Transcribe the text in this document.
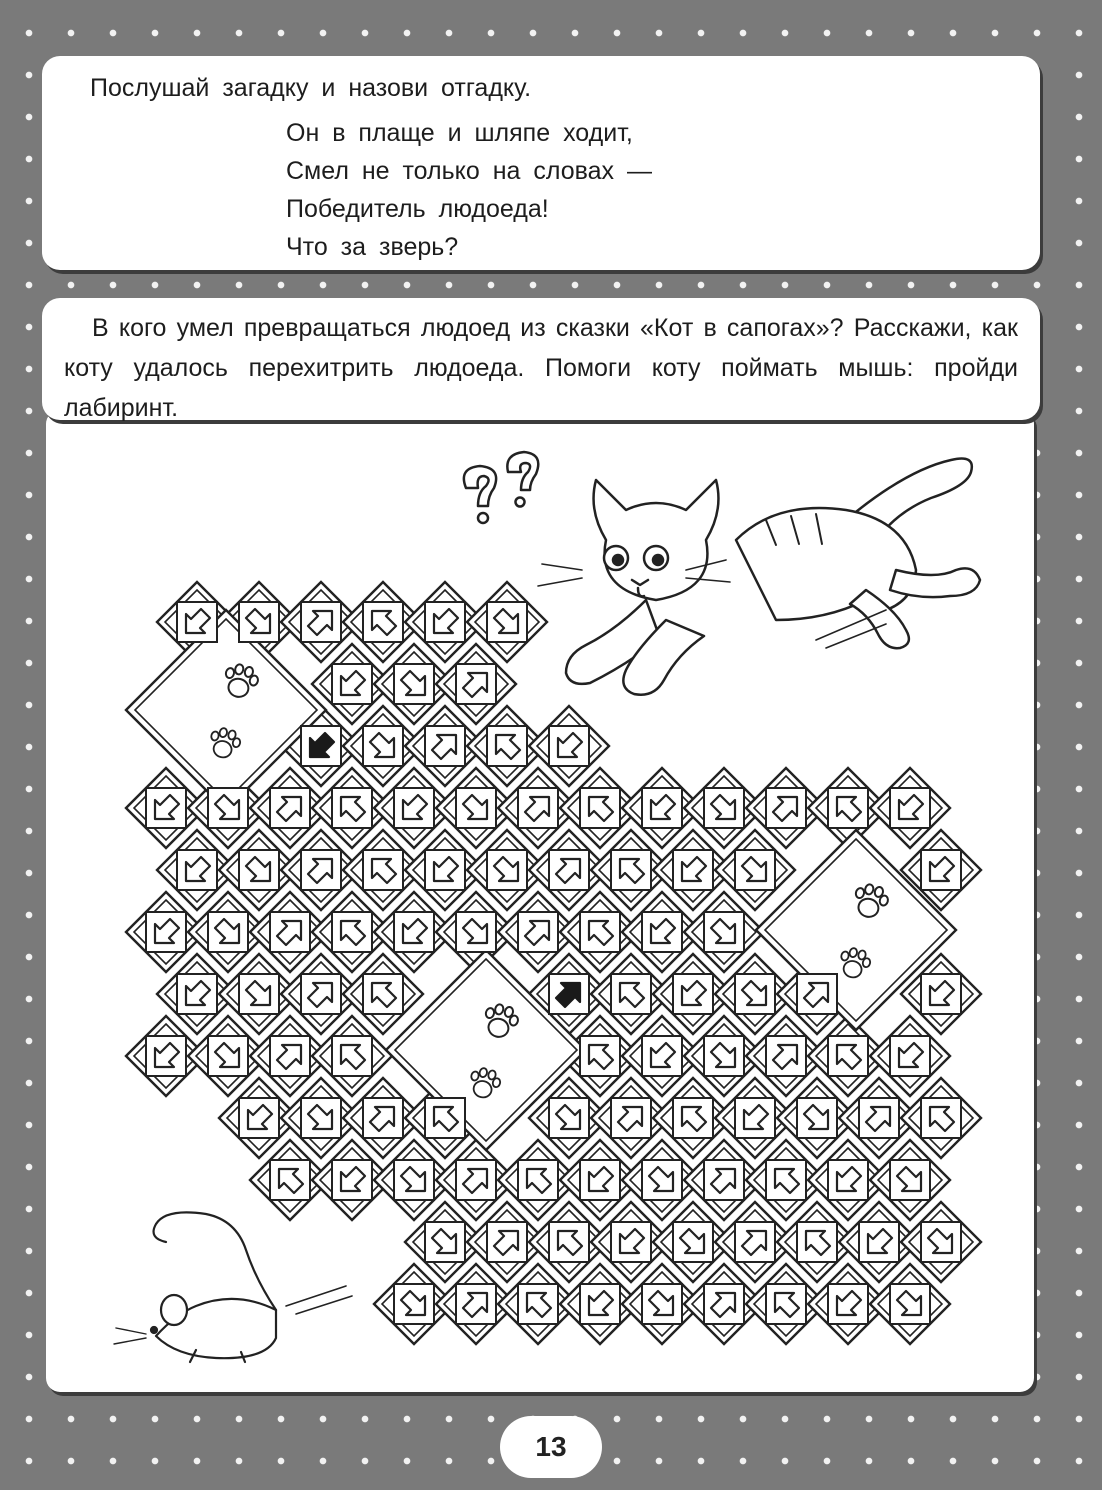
Послушай загадку и назови отгадку.
Он в плаще и шляпе ходит,
Смел не только на словах —
Победитель людоеда!
Что за зверь?
В кого умел превращаться людоед из сказки «Кот в сапогах»? Расскажи, как коту удалось перехитрить людоеда. Помоги коту поймать мышь: пройди лабиринт.
13
